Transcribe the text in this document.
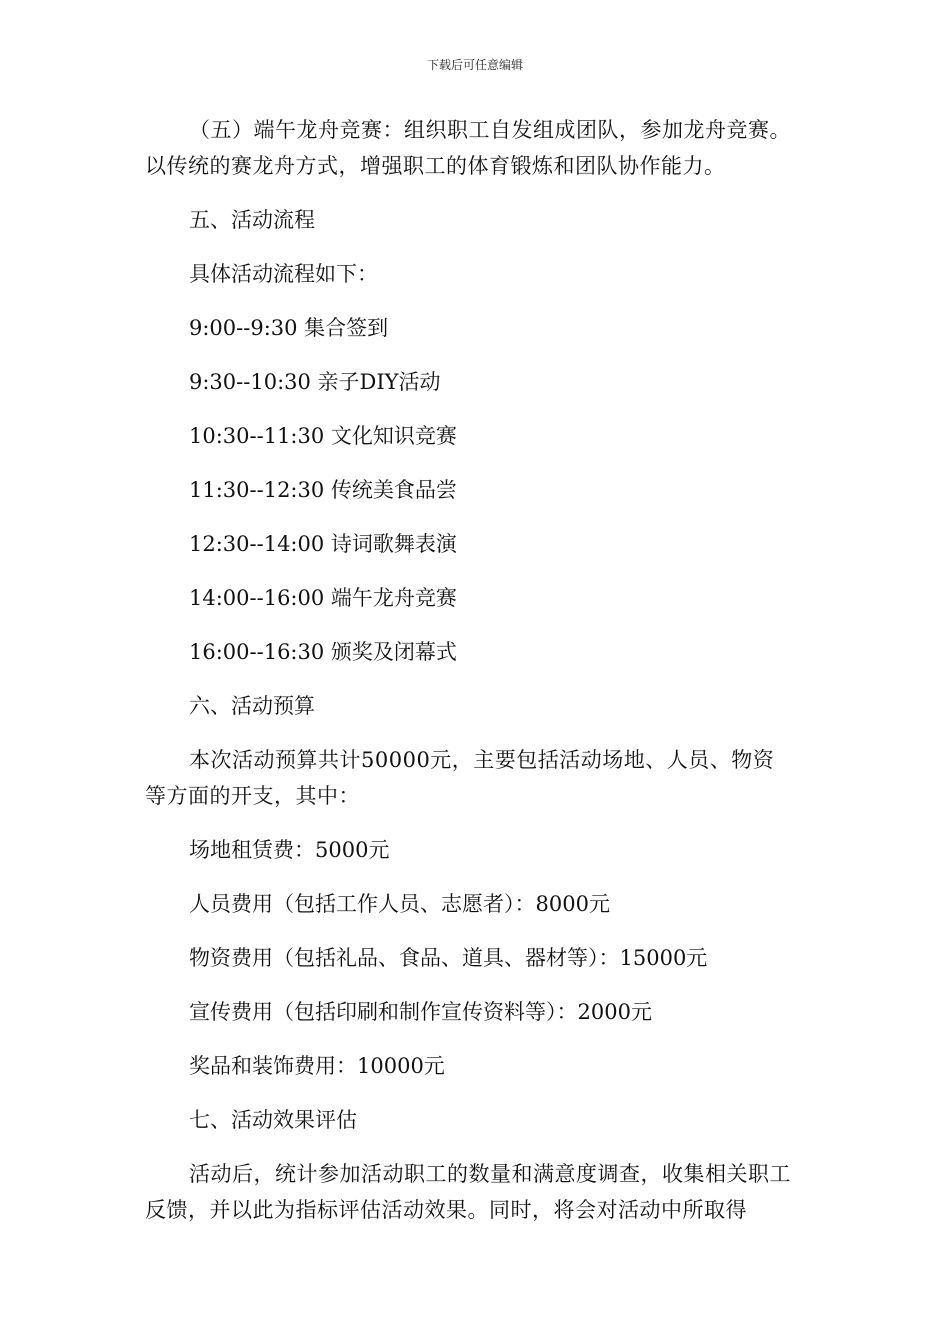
下载后可任意编辑

（五）端午龙舟竞赛：组织职工自发组成团队，参加龙舟竞赛。以传统的赛龙舟方式，增强职工的体育锻炼和团队协作能力。

五、活动流程

具体活动流程如下：

9:00--9:30 集合签到

9:30--10:30 亲子DIY活动

10:30--11:30 文化知识竞赛

11:30--12:30 传统美食品尝

12:30--14:00 诗词歌舞表演

14:00--16:00 端午龙舟竞赛

16:00--16:30 颁奖及闭幕式

六、活动预算

本次活动预算共计50000元，主要包括活动场地、人员、物资等方面的开支，其中：

场地租赁费：5000元

人员费用（包括工作人员、志愿者）：8000元

物资费用（包括礼品、食品、道具、器材等）：15000元

宣传费用（包括印刷和制作宣传资料等）：2000元

奖品和装饰费用：10000元

七、活动效果评估

活动后，统计参加活动职工的数量和满意度调查，收集相关职工反馈，并以此为指标评估活动效果。同时，将会对活动中所取得
